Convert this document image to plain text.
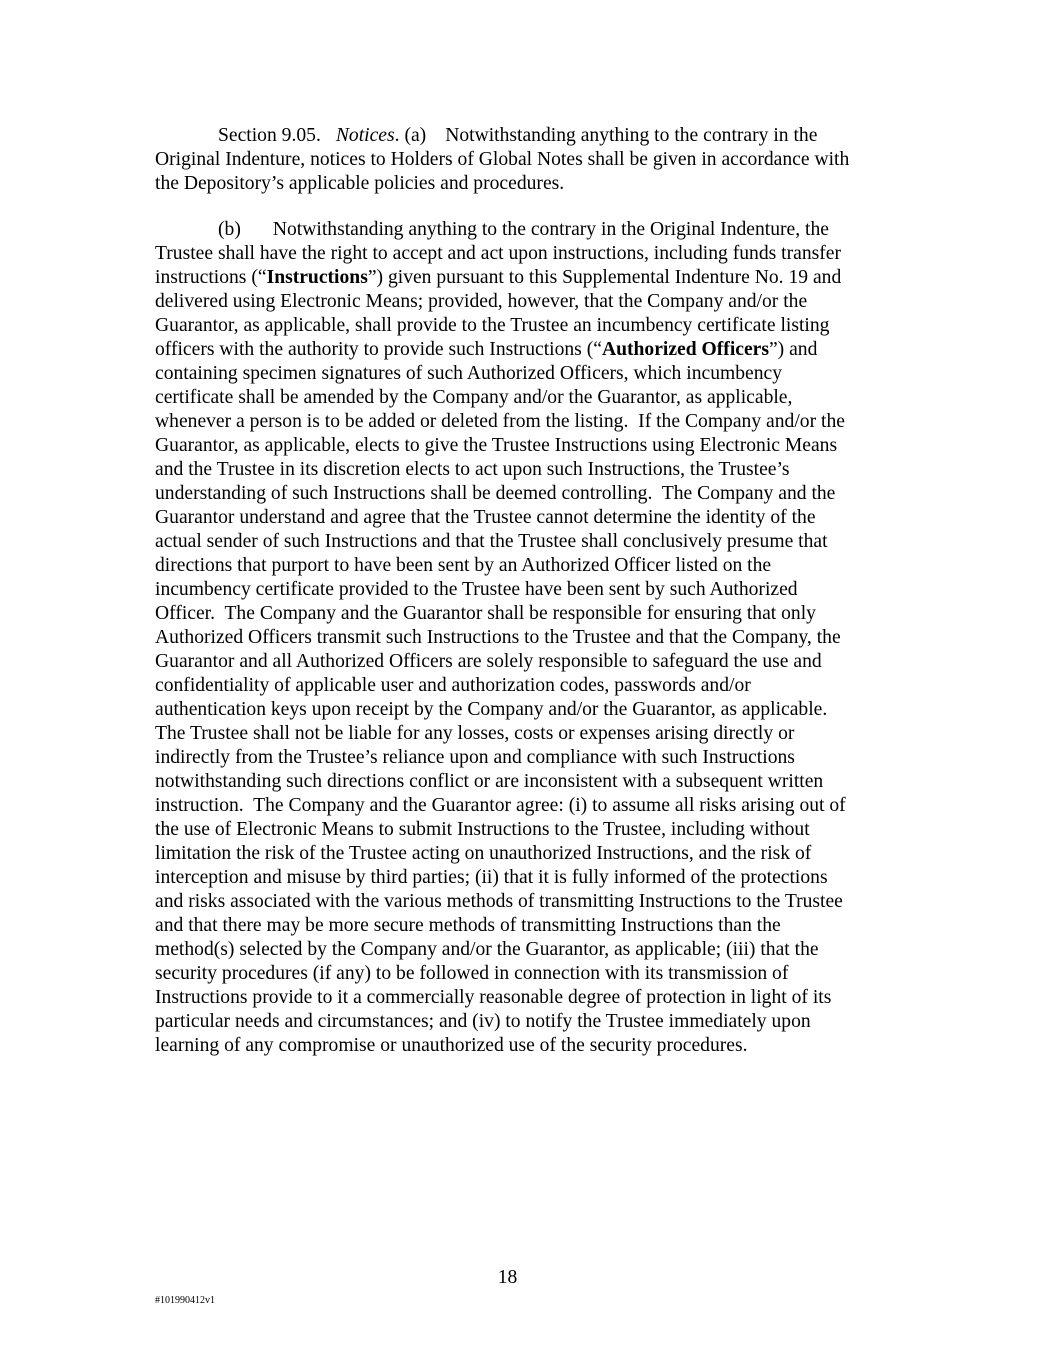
Section 9.05. Notices. (a) Notwithstanding anything to the contrary in the

Original Indenture, notices to Holders of Global Notes shall be given in accordance with

the Depository’s applicable policies and procedures.

(b) Notwithstanding anything to the contrary in the Original Indenture, the

Trustee shall have the right to accept and act upon instructions, including funds transfer

instructions (“Instructions”) given pursuant to this Supplemental Indenture No. 19 and

delivered using Electronic Means; provided, however, that the Company and/or the

Guarantor, as applicable, shall provide to the Trustee an incumbency certificate listing

officers with the authority to provide such Instructions (“Authorized Officers”) and

containing specimen signatures of such Authorized Officers, which incumbency

certificate shall be amended by the Company and/or the Guarantor, as applicable,

whenever a person is to be added or deleted from the listing.  If the Company and/or the

Guarantor, as applicable, elects to give the Trustee Instructions using Electronic Means

and the Trustee in its discretion elects to act upon such Instructions, the Trustee’s

understanding of such Instructions shall be deemed controlling.  The Company and the

Guarantor understand and agree that the Trustee cannot determine the identity of the

actual sender of such Instructions and that the Trustee shall conclusively presume that

directions that purport to have been sent by an Authorized Officer listed on the

incumbency certificate provided to the Trustee have been sent by such Authorized

Officer.  The Company and the Guarantor shall be responsible for ensuring that only

Authorized Officers transmit such Instructions to the Trustee and that the Company, the

Guarantor and all Authorized Officers are solely responsible to safeguard the use and

confidentiality of applicable user and authorization codes, passwords and/or

authentication keys upon receipt by the Company and/or the Guarantor, as applicable.

The Trustee shall not be liable for any losses, costs or expenses arising directly or

indirectly from the Trustee’s reliance upon and compliance with such Instructions

notwithstanding such directions conflict or are inconsistent with a subsequent written

instruction.  The Company and the Guarantor agree: (i) to assume all risks arising out of

the use of Electronic Means to submit Instructions to the Trustee, including without

limitation the risk of the Trustee acting on unauthorized Instructions, and the risk of

interception and misuse by third parties; (ii) that it is fully informed of the protections

and risks associated with the various methods of transmitting Instructions to the Trustee

and that there may be more secure methods of transmitting Instructions than the

method(s) selected by the Company and/or the Guarantor, as applicable; (iii) that the

security procedures (if any) to be followed in connection with its transmission of

Instructions provide to it a commercially reasonable degree of protection in light of its

particular needs and circumstances; and (iv) to notify the Trustee immediately upon

learning of any compromise or unauthorized use of the security procedures.

18
#101990412v1
